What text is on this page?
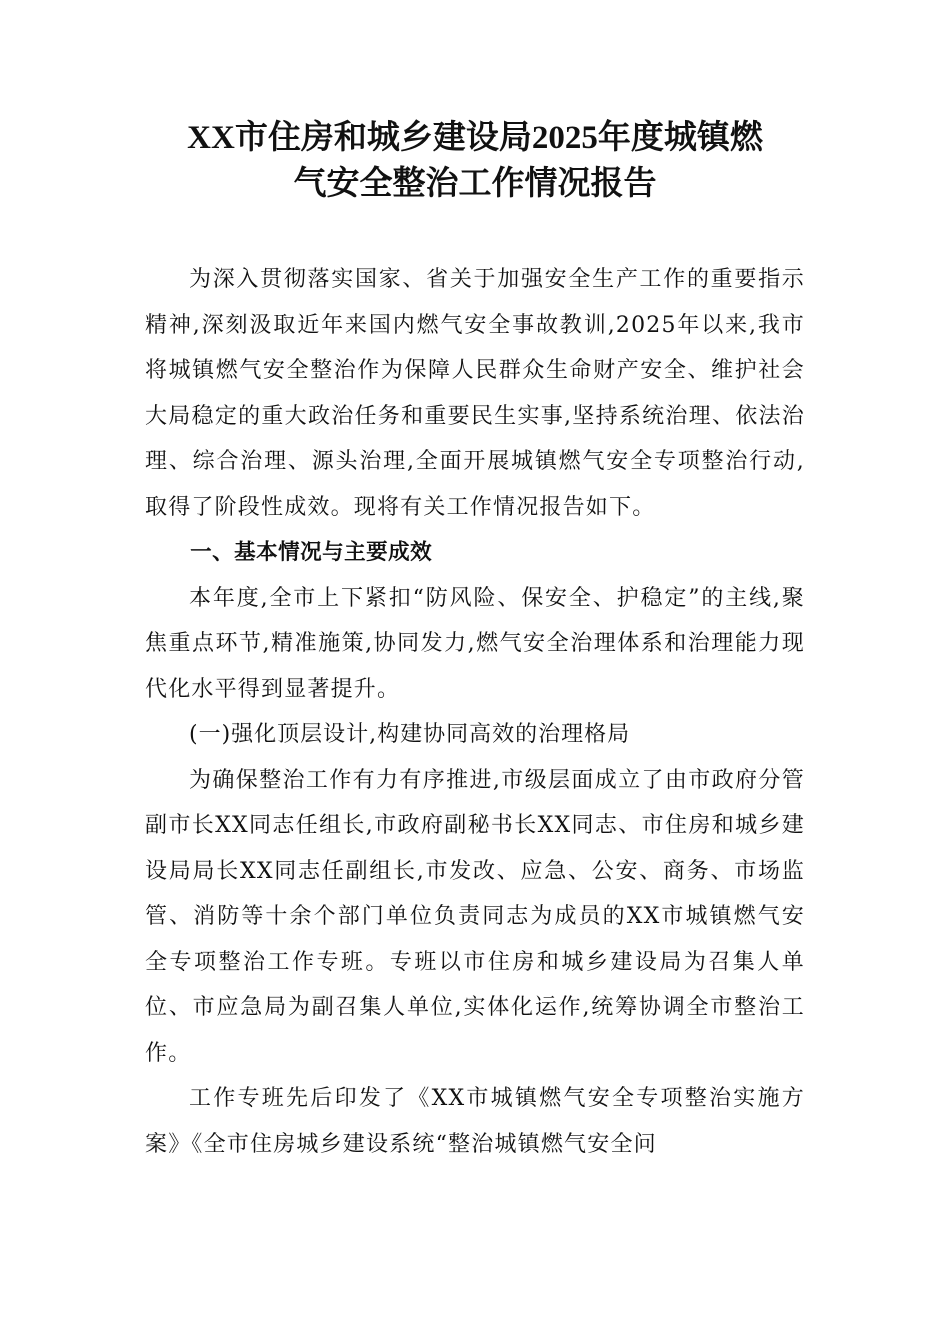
XX市住房和城乡建设局2025年度城镇燃
气安全整治工作情况报告

为深入贯彻落实国家、省关于加强安全生产工作的重要指示精神,深刻汲取近年来国内燃气安全事故教训,2025年以来,我市将城镇燃气安全整治作为保障人民群众生命财产安全、维护社会大局稳定的重大政治任务和重要民生实事,坚持系统治理、依法治理、综合治理、源头治理,全面开展城镇燃气安全专项整治行动,取得了阶段性成效。现将有关工作情况报告如下。

一、基本情况与主要成效

本年度,全市上下紧扣“防风险、保安全、护稳定”的主线,聚焦重点环节,精准施策,协同发力,燃气安全治理体系和治理能力现代化水平得到显著提升。

(一)强化顶层设计,构建协同高效的治理格局

为确保整治工作有力有序推进,市级层面成立了由市政府分管副市长XX同志任组长,市政府副秘书长XX同志、市住房和城乡建设局局长XX同志任副组长,市发改、应急、公安、商务、市场监管、消防等十余个部门单位负责同志为成员的XX市城镇燃气安全专项整治工作专班。专班以市住房和城乡建设局为召集人单位、市应急局为副召集人单位,实体化运作,统筹协调全市整治工作。

工作专班先后印发了《XX市城镇燃气安全专项整治实施方案》《全市住房城乡建设系统“整治城镇燃气安全问
